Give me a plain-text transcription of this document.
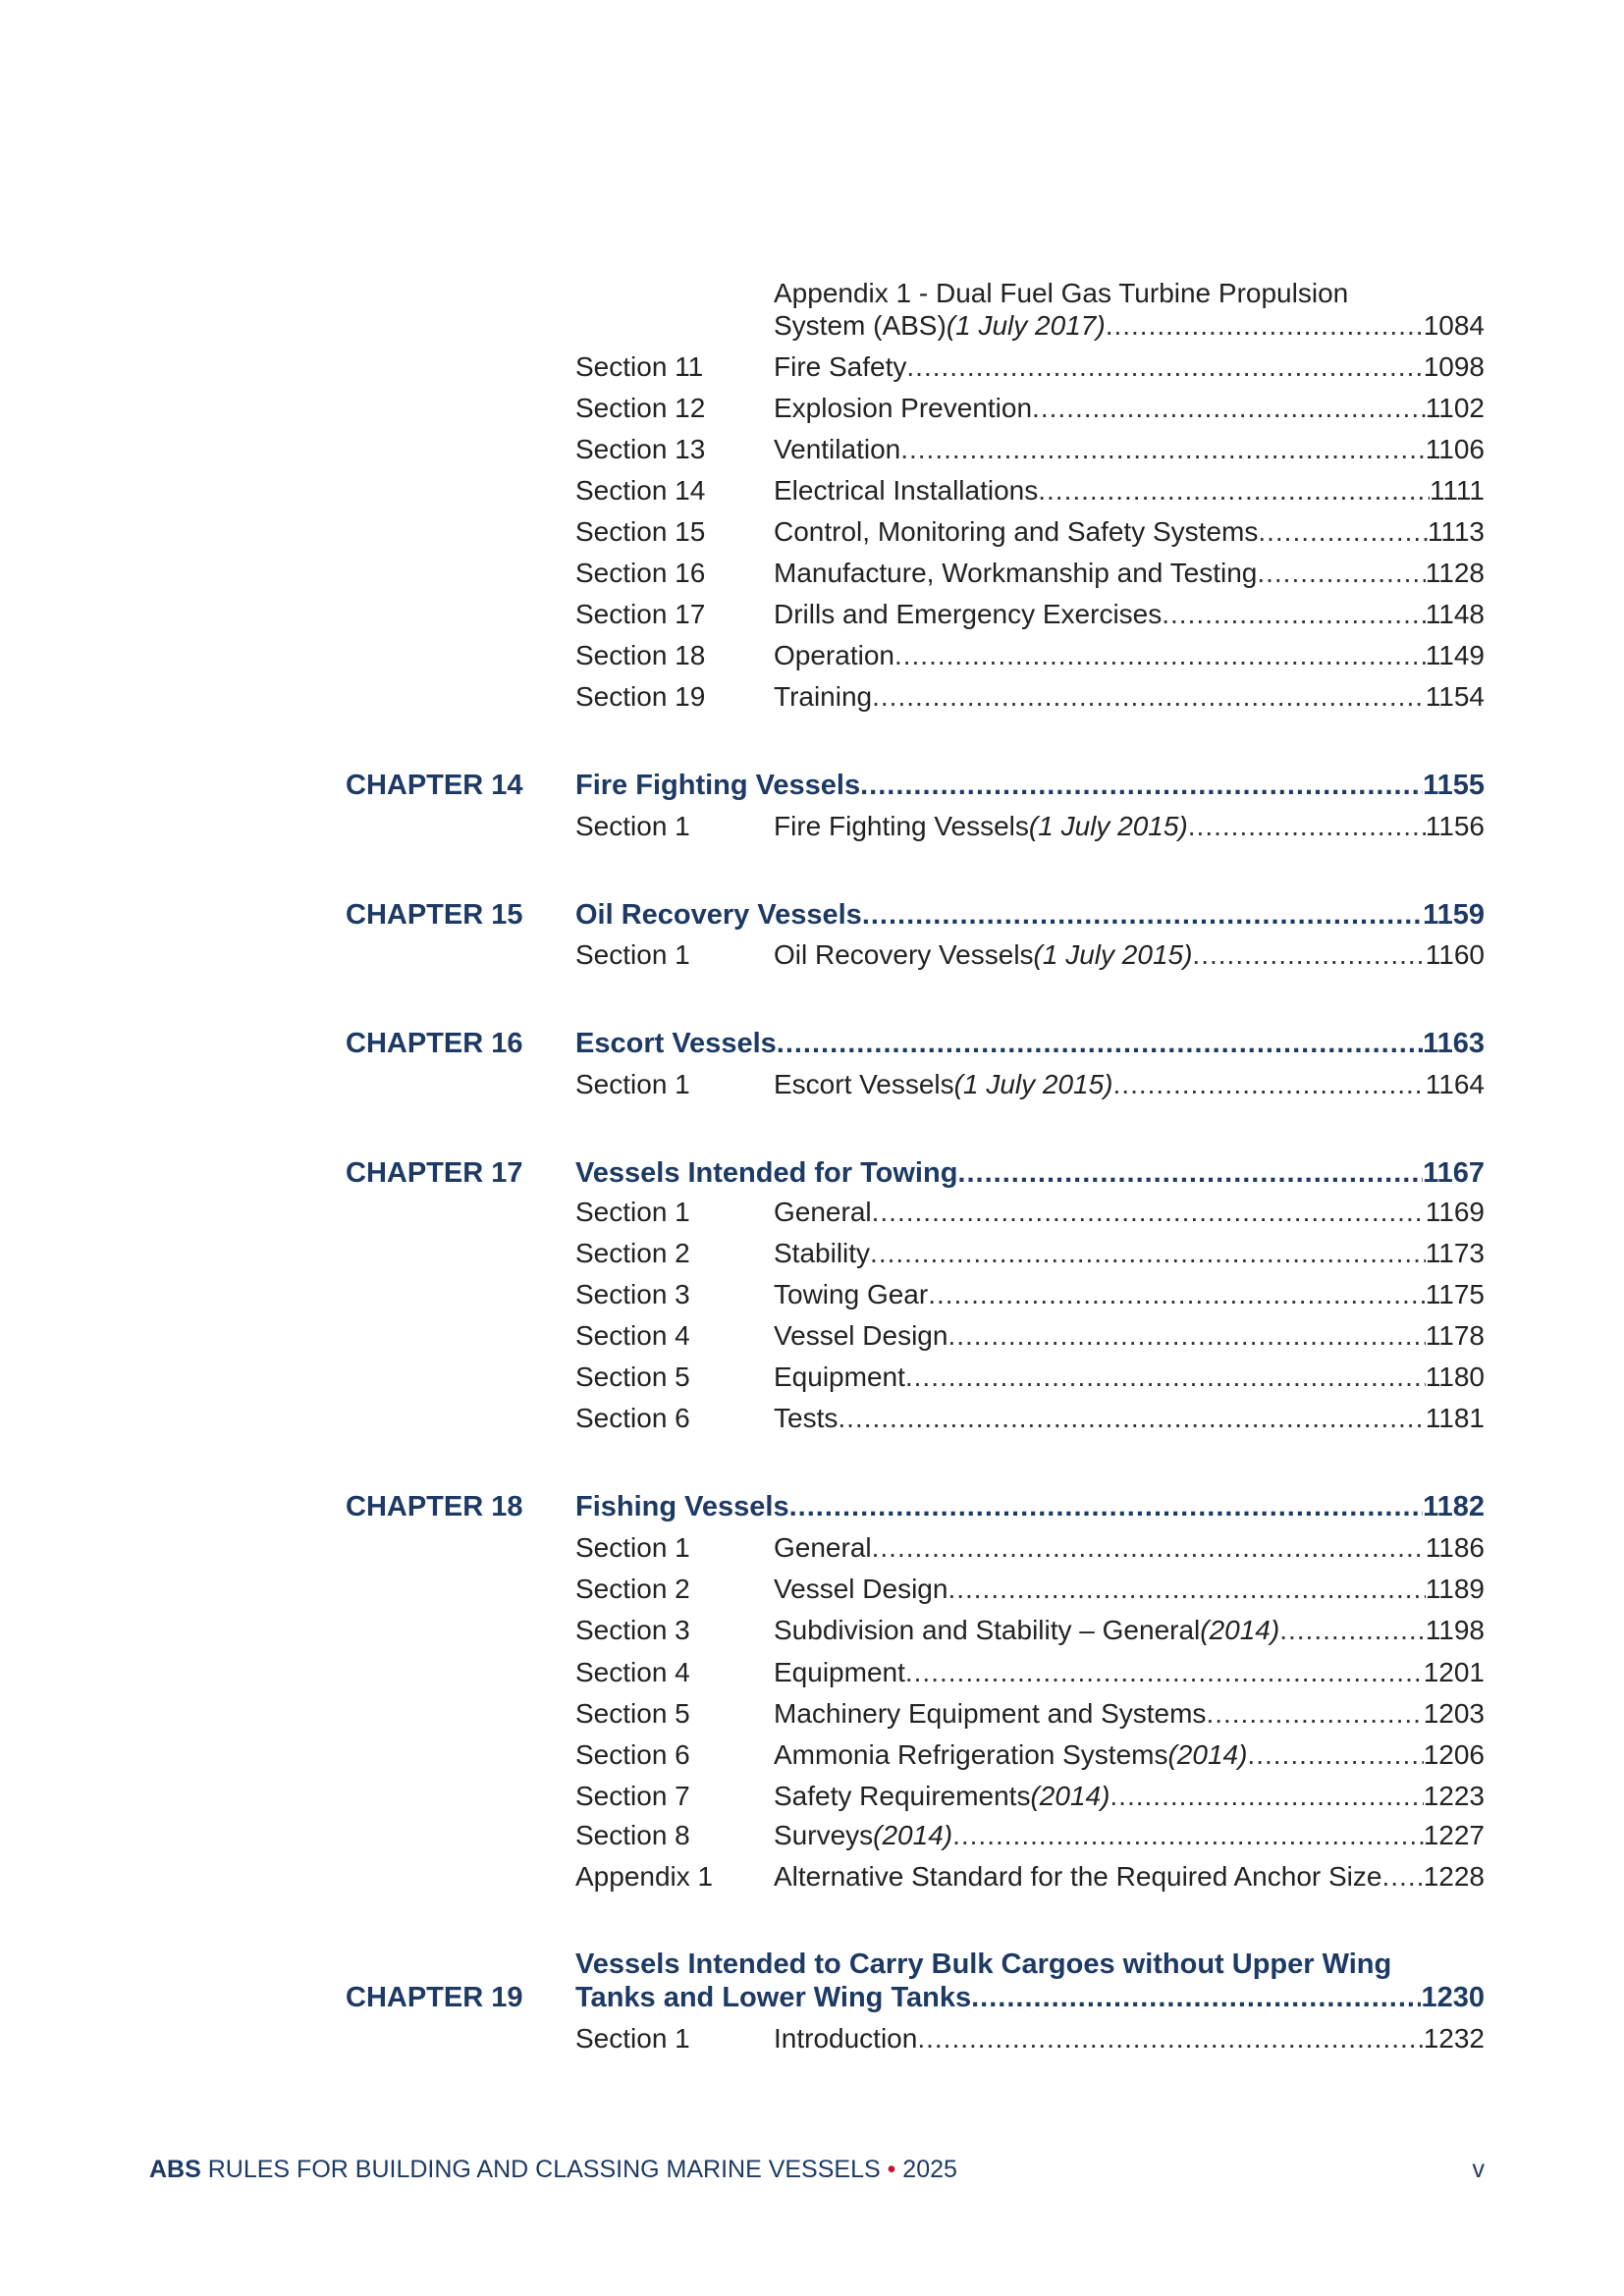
Appendix 1 - Dual Fuel Gas Turbine Propulsion
System (ABS) (1 July 2017) .....	1084
Section 11	Fire Safety .....	1098
Section 12 Explosion Prevention .....	1102
Section 13 Ventilation .....	1106
Section 14 Electrical Installations .....	1111
Section 15 Control, Monitoring and Safety Systems .....	1113
Section 16 Manufacture, Workmanship and Testing .....	1128
Section 17 Drills and Emergency Exercises .....	1148
Section 18 Operation .....	1149
Section 19 Training .....	1154
CHAPTER 14 Fire Fighting Vessels .....	1155
Section 1	Fire Fighting Vessels (1 July 2015) .....	1156
CHAPTER 15 Oil Recovery Vessels .....	1159
Section 1	Oil Recovery Vessels (1 July 2015) .....	1160
CHAPTER 16 Escort Vessels .....	1163
Section 1	Escort Vessels (1 July 2015) .....	1164
CHAPTER 17 Vessels Intended for Towing .....	1167
Section 1	General .....	1169
Section 2	Stability .....	1173
Section 3	Towing Gear .....	1175
Section 4	Vessel Design .....	1178
Section 5	Equipment .....	1180
Section 6	Tests .....	1181
CHAPTER 18 Fishing Vessels .....	1182
Section 1	General .....	1186
Section 2	Vessel Design .....	1189
Section 3	Subdivision and Stability – General (2014) .....	1198
Section 4	Equipment .....	1201
Section 5	Machinery Equipment and Systems .....	1203
Section 6	Ammonia Refrigeration Systems (2014) .....	1206
Section 7	Safety Requirements (2014) .....	1223
Section 8	Surveys (2014) .....	1227
Appendix 1 Alternative Standard for the Required Anchor Size ..... 1228
CHAPTER 19
Vessels Intended to Carry Bulk Cargoes without Upper Wing
Tanks and Lower Wing Tanks .....	1230
Section 1	Introduction .....	1232
ABS RULES FOR BUILDING AND CLASSING MARINE VESSELS • 2025	v
